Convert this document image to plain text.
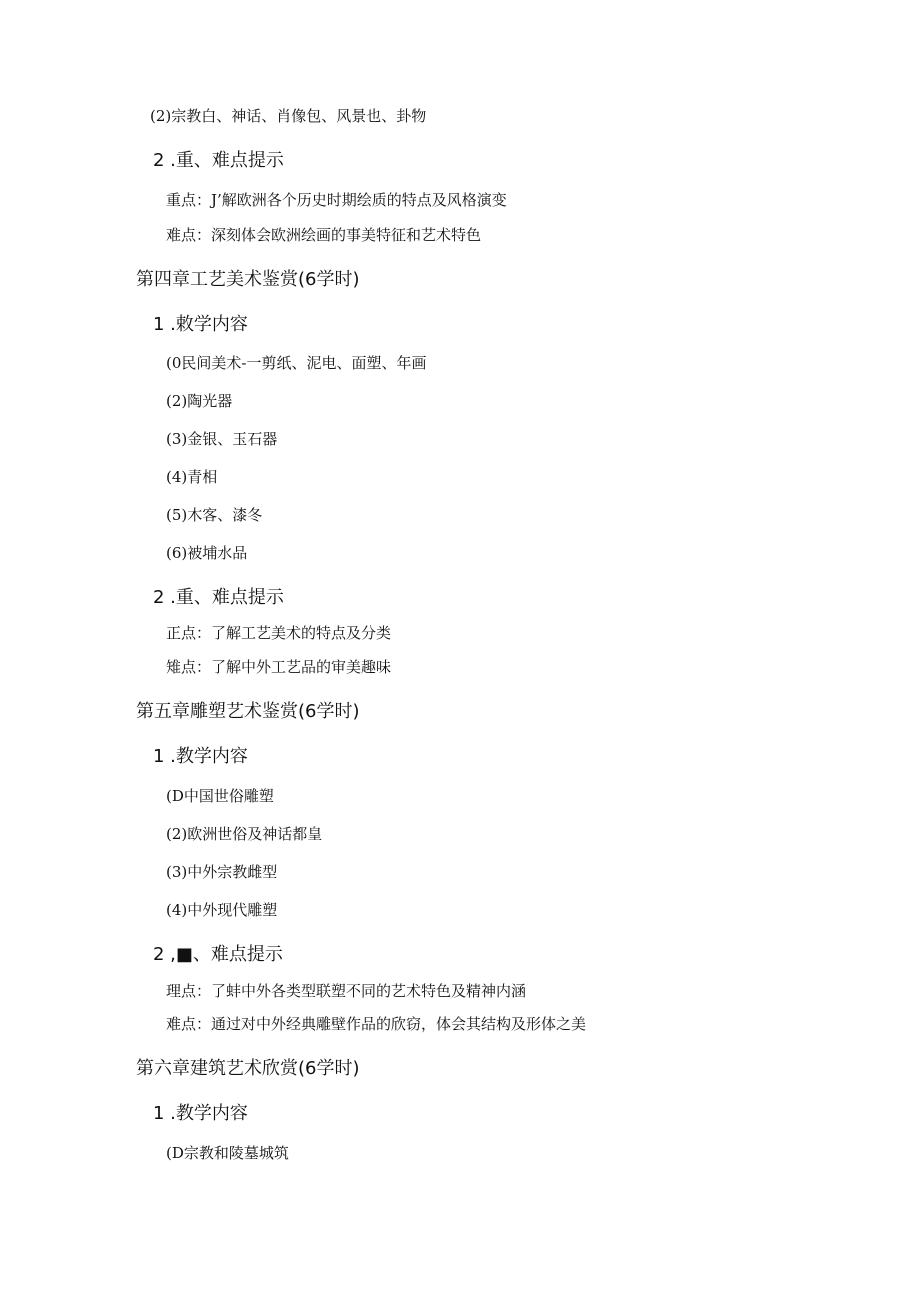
(2)宗教白、神话、肖像包、风景也、卦物
2 .重、难点提示
重点：J’解欧洲各个历史时期绘质的特点及风格演变
难点：深刻体会欧洲绘画的事美特征和艺术特色
第四章工艺美术鉴赏(6学时)
1 .敕学内容
(0民间美术-一剪纸、泥电、面塑、年画
(2)陶光器
(3)金银、玉石器
(4)青相
(5)木客、漆冬
(6)被埔水品
2 .重、难点提示
正点：了解工艺美术的特点及分类
雉点：了解中外工艺品的审美趣味
第五章雕塑艺术鉴赏(6学时)
1 .教学内容
(D中国世俗雕塑
(2)欧洲世俗及神话都皇
(3)中外宗教雌型
(4)中外现代雕塑
2 ,■、难点提示
理点：了蚌中外各类型联塑不同的艺术特色及精神内涵
难点：通过对中外经典雕壁作品的欣窃，体会其结构及形体之美
第六章建筑艺术欣赏(6学时)
1 .教学内容
(D宗教和陵墓城筑
